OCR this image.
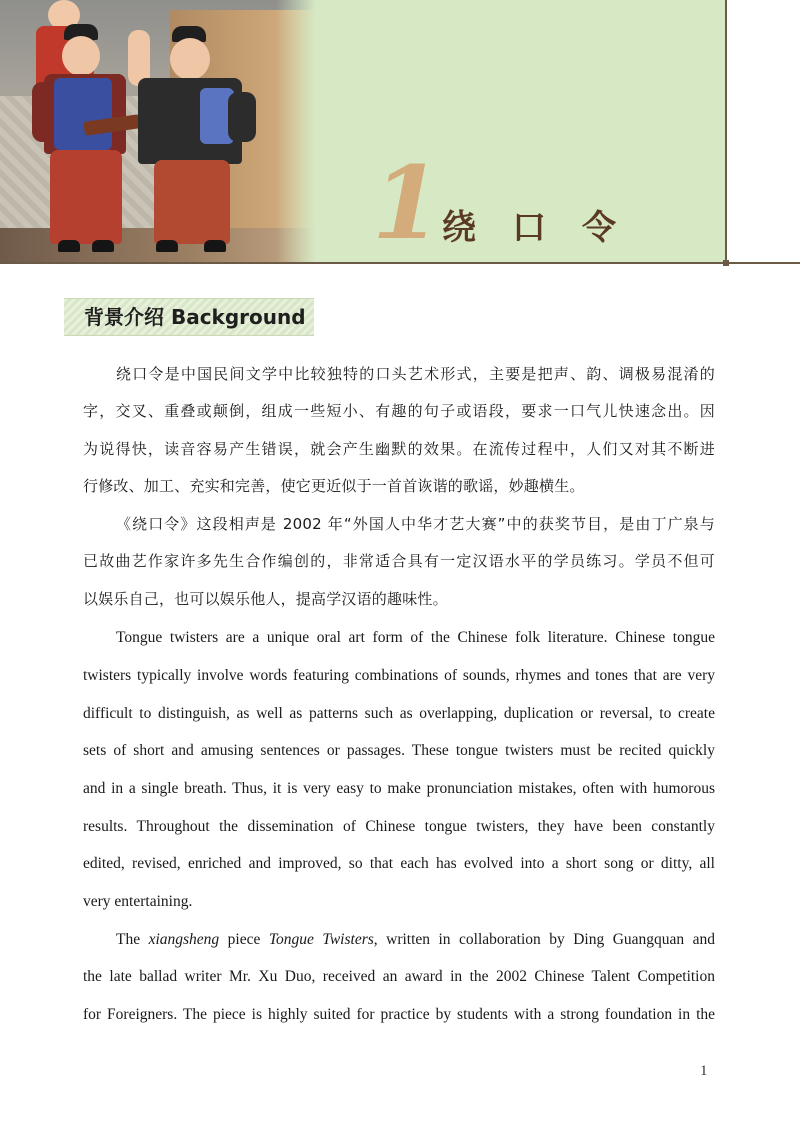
1 绕口令
背景介绍 Background
绕口令是中国民间文学中比较独特的口头艺术形式，主要是把声、韵、调极易混淆的
字，交叉、重叠或颠倒，组成一些短小、有趣的句子或语段，要求一口气儿快速念出。因
为说得快，读音容易产生错误，就会产生幽默的效果。在流传过程中，人们又对其不断进
行修改、加工、充实和完善，使它更近似于一首首诙谐的歌谣，妙趣横生。
《绕口令》这段相声是 2002 年“外国人中华才艺大赛”中的获奖节目，是由丁广泉与
已故曲艺作家许多先生合作编创的，非常适合具有一定汉语水平的学员练习。学员不但可
以娱乐自己，也可以娱乐他人，提高学汉语的趣味性。
Tongue twisters are a unique oral art form of the Chinese folk literature. Chinese tongue
twisters typically involve words featuring combinations of sounds, rhymes and tones that are very
difficult to distinguish, as well as patterns such as overlapping, duplication or reversal, to create
sets of short and amusing sentences or passages. These tongue twisters must be recited quickly
and in a single breath. Thus, it is very easy to make pronunciation mistakes, often with humorous
results. Throughout the dissemination of Chinese tongue twisters, they have been constantly
edited, revised, enriched and improved, so that each has evolved into a short song or ditty, all
very entertaining.
The xiangsheng piece Tongue Twisters, written in collaboration by Ding Guangquan and
the late ballad writer Mr. Xu Duo, received an award in the 2002 Chinese Talent Competition
for Foreigners. The piece is highly suited for practice by students with a strong foundation in the
1
